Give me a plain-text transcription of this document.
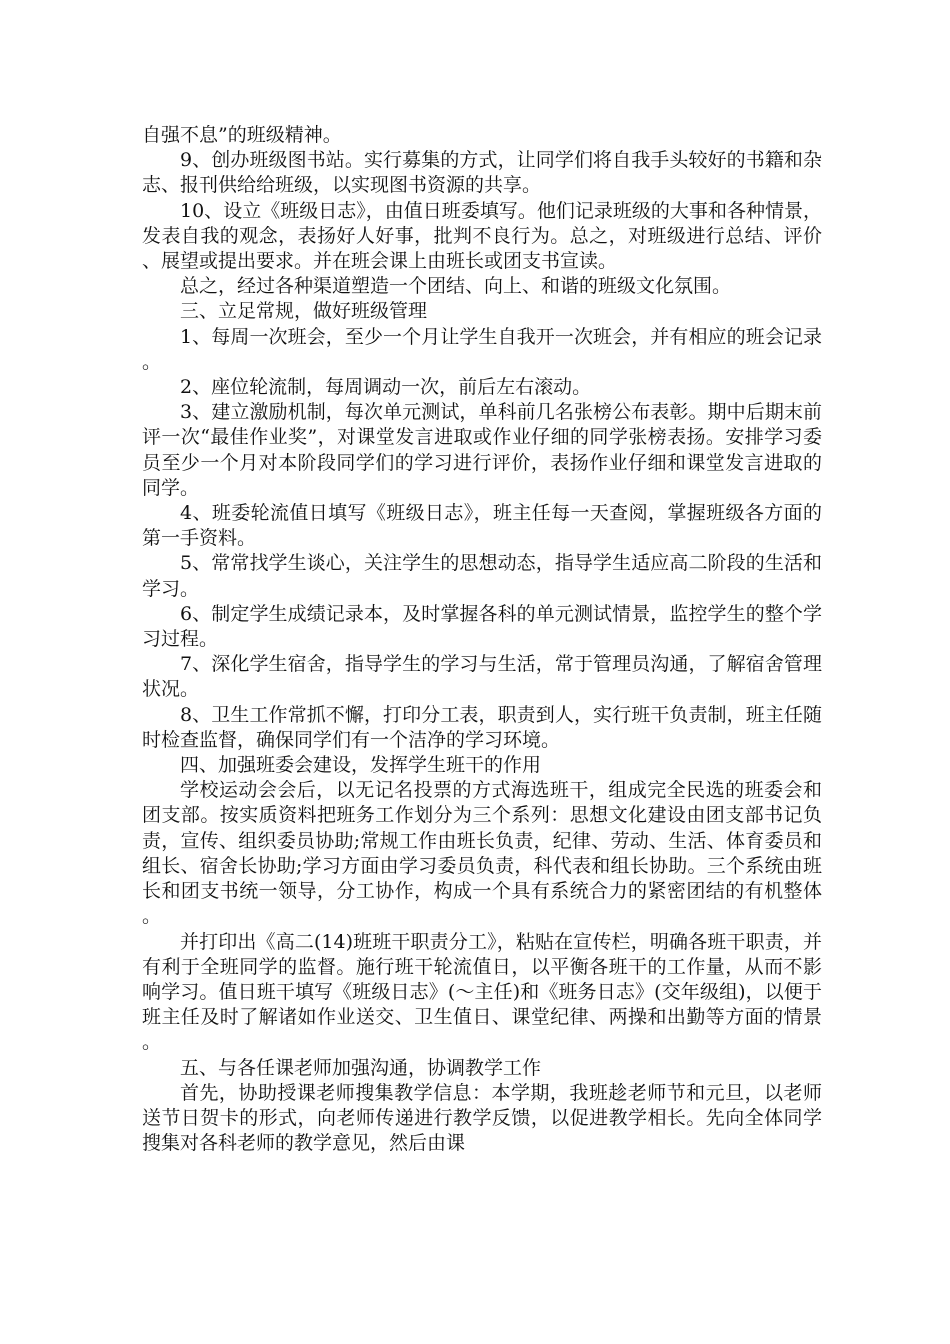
自强不息”的班级精神。

9、创办班级图书站。实行募集的方式，让同学们将自我手头较好的书籍和杂志、报刊供给给班级，以实现图书资源的共享。

10、设立《班级日志》，由值日班委填写。他们记录班级的大事和各种情景，发表自我的观念，表扬好人好事，批判不良行为。总之，对班级进行总结、评价、展望或提出要求。并在班会课上由班长或团支书宣读。

总之，经过各种渠道塑造一个团结、向上、和谐的班级文化氛围。

三、立足常规，做好班级管理

1、每周一次班会，至少一个月让学生自我开一次班会，并有相应的班会记录。

2、座位轮流制，每周调动一次，前后左右滚动。

3、建立激励机制，每次单元测试，单科前几名张榜公布表彰。期中后期末前评一次“最佳作业奖”，对课堂发言进取或作业仔细的同学张榜表扬。安排学习委员至少一个月对本阶段同学们的学习进行评价，表扬作业仔细和课堂发言进取的同学。

4、班委轮流值日填写《班级日志》，班主任每一天查阅，掌握班级各方面的第一手资料。

5、常常找学生谈心，关注学生的思想动态，指导学生适应高二阶段的生活和学习。

6、制定学生成绩记录本，及时掌握各科的单元测试情景，监控学生的整个学习过程。

7、深化学生宿舍，指导学生的学习与生活，常于管理员沟通，了解宿舍管理状况。

8、卫生工作常抓不懈，打印分工表，职责到人，实行班干负责制，班主任随时检查监督，确保同学们有一个洁净的学习环境。

四、加强班委会建设，发挥学生班干的作用

学校运动会会后，以无记名投票的方式海选班干，组成完全民选的班委会和团支部。按实质资料把班务工作划分为三个系列：思想文化建设由团支部书记负责，宣传、组织委员协助;常规工作由班长负责，纪律、劳动、生活、体育委员和组长、宿舍长协助;学习方面由学习委员负责，科代表和组长协助。三个系统由班长和团支书统一领导，分工协作，构成一个具有系统合力的紧密团结的有机整体。

并打印出《高二(14)班班干职责分工》，粘贴在宣传栏，明确各班干职责，并有利于全班同学的监督。施行班干轮流值日，以平衡各班干的工作量，从而不影响学习。值日班干填写《班级日志》(～主任)和《班务日志》(交年级组)，以便于班主任及时了解诸如作业送交、卫生值日、课堂纪律、两操和出勤等方面的情景。

五、与各任课老师加强沟通，协调教学工作

首先，协助授课老师搜集教学信息：本学期，我班趁老师节和元旦，以老师送节日贺卡的形式，向老师传递进行教学反馈，以促进教学相长。先向全体同学搜集对各科老师的教学意见，然后由课
